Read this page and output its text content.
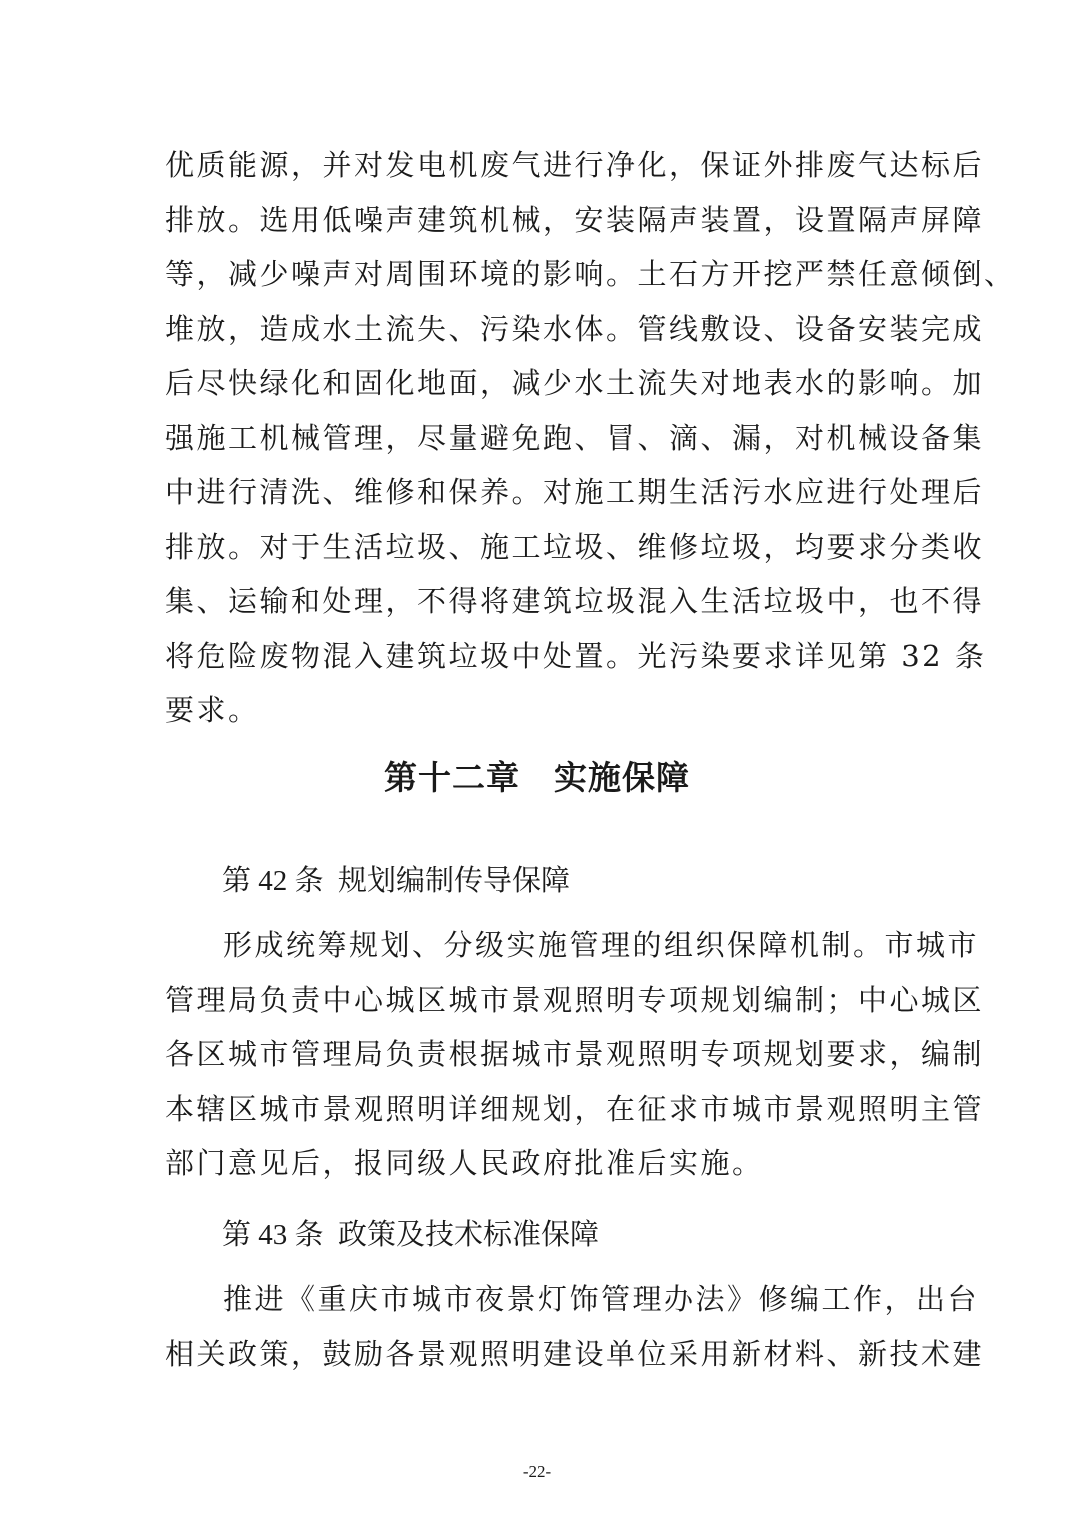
优质能源，并对发电机废气进行净化，保证外排废气达标后
排放。选用低噪声建筑机械，安装隔声装置，设置隔声屏障
等，减少噪声对周围环境的影响。土石方开挖严禁任意倾倒、
堆放，造成水土流失、污染水体。管线敷设、设备安装完成
后尽快绿化和固化地面，减少水土流失对地表水的影响。加
强施工机械管理，尽量避免跑、冒、滴、漏，对机械设备集
中进行清洗、维修和保养。对施工期生活污水应进行处理后
排放。对于生活垃圾、施工垃圾、维修垃圾，均要求分类收
集、运输和处理，不得将建筑垃圾混入生活垃圾中，也不得
将危险废物混入建筑垃圾中处置。光污染要求详见第 32 条
要求。
第十二章　实施保障
第 42 条  规划编制传导保障
形成统筹规划、分级实施管理的组织保障机制。市城市
管理局负责中心城区城市景观照明专项规划编制；中心城区
各区城市管理局负责根据城市景观照明专项规划要求，编制
本辖区城市景观照明详细规划，在征求市城市景观照明主管
部门意见后，报同级人民政府批准后实施。
第 43 条  政策及技术标准保障
推进《重庆市城市夜景灯饰管理办法》修编工作，出台
相关政策，鼓励各景观照明建设单位采用新材料、新技术建
-22-
